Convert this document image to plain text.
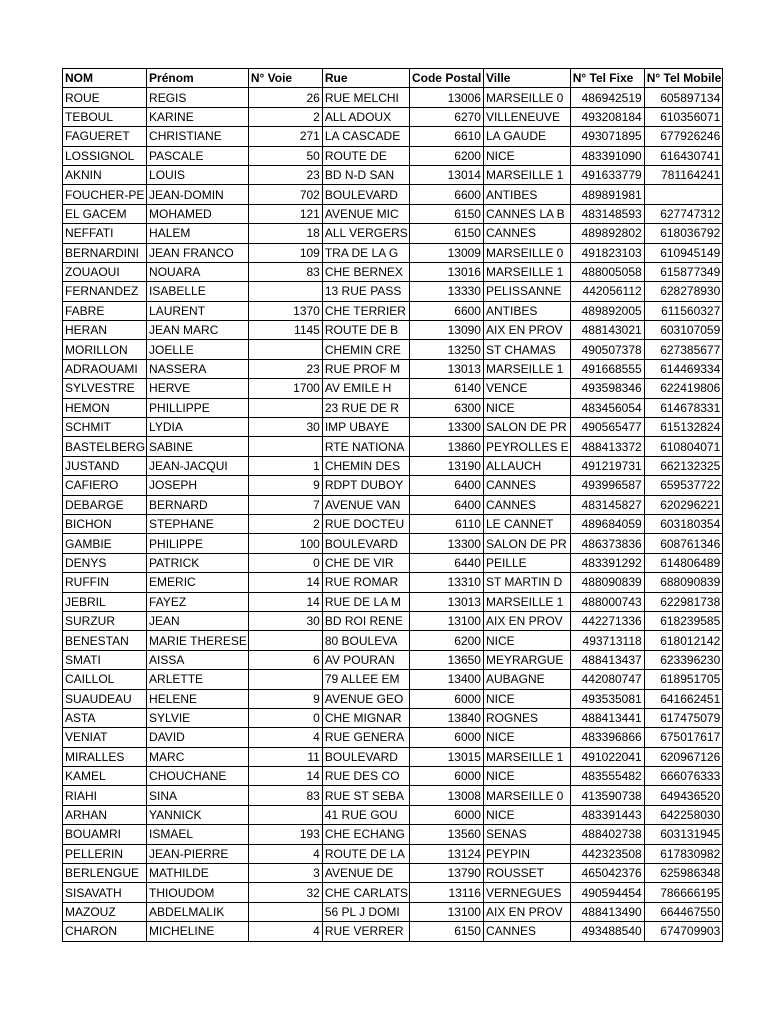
NOM	Prénom	N° Voie	Rue	Code Postal	Ville	N° Tel Fixe	N° Tel Mobile
ROUE	REGIS	26	RUE MELCHI	13006	MARSEILLE 0	486942519	605897134
TEBOUL	KARINE	2	ALL ADOUX	6270	VILLENEUVE	493208184	610356071
FAGUERET	CHRISTIANE	271	LA CASCADE	6610	LA GAUDE	493071895	677926246
LOSSIGNOL	PASCALE	50	ROUTE DE	6200	NICE	483391090	616430741
AKNIN	LOUIS	23	BD N-D SAN	13014	MARSEILLE 1	491633779	781164241
FOUCHER-PE	JEAN-DOMIN	702	BOULEVARD	6600	ANTIBES	489891981	
EL GACEM	MOHAMED	121	AVENUE MIC	6150	CANNES LA B	483148593	627747312
NEFFATI	HALEM	18	ALL VERGERS	6150	CANNES	489892802	618036792
BERNARDINI	JEAN FRANCO	109	TRA DE LA G	13009	MARSEILLE 0	491823103	610945149
ZOUAOUI	NOUARA	83	CHE BERNEX	13016	MARSEILLE 1	488005058	615877349
FERNANDEZ	ISABELLE		13 RUE PASS	13330	PELISSANNE	442056112	628278930
FABRE	LAURENT	1370	CHE TERRIER	6600	ANTIBES	489892005	611560327
HERAN	JEAN MARC	1145	ROUTE DE B	13090	AIX EN PROV	488143021	603107059
MORILLON	JOELLE		CHEMIN CRE	13250	ST CHAMAS	490507378	627385677
ADRAOUAMI	NASSERA	23	RUE PROF M	13013	MARSEILLE 1	491668555	614469334
SYLVESTRE	HERVE	1700	AV EMILE H	6140	VENCE	493598346	622419806
HEMON	PHILLIPPE		23 RUE DE R	6300	NICE	483456054	614678331
SCHMIT	LYDIA	30	IMP UBAYE	13300	SALON DE PR	490565477	615132824
BASTELBERG	SABINE		RTE NATIONA	13860	PEYROLLES E	488413372	610804071
JUSTAND	JEAN-JACQUI	1	CHEMIN DES	13190	ALLAUCH	491219731	662132325
CAFIERO	JOSEPH	9	RDPT DUBOY	6400	CANNES	493996587	659537722
DEBARGE	BERNARD	7	AVENUE VAN	6400	CANNES	483145827	620296221
BICHON	STEPHANE	2	RUE DOCTEU	6110	LE CANNET	489684059	603180354
GAMBIE	PHILIPPE	100	BOULEVARD	13300	SALON DE PR	486373836	608761346
DENYS	PATRICK	0	CHE DE VIR	6440	PEILLE	483391292	614806489
RUFFIN	EMERIC	14	RUE ROMAR	13310	ST MARTIN D	488090839	688090839
JEBRIL	FAYEZ	14	RUE DE LA M	13013	MARSEILLE 1	488000743	622981738
SURZUR	JEAN	30	BD ROI RENE	13100	AIX EN PROV	442271336	618239585
BENESTAN	MARIE THERESE		80 BOULEVA	6200	NICE	493713118	618012142
SMATI	AISSA	6	AV POURAN	13650	MEYRARGUE	488413437	623396230
CAILLOL	ARLETTE		79 ALLEE EM	13400	AUBAGNE	442080747	618951705
SUAUDEAU	HELENE	9	AVENUE GEO	6000	NICE	493535081	641662451
ASTA	SYLVIE	0	CHE MIGNAR	13840	ROGNES	488413441	617475079
VENIAT	DAVID	4	RUE GENERA	6000	NICE	483396866	675017617
MIRALLES	MARC	11	BOULEVARD	13015	MARSEILLE 1	491022041	620967126
KAMEL	CHOUCHANE	14	RUE DES CO	6000	NICE	483555482	666076333
RIAHI	SINA	83	RUE ST SEBA	13008	MARSEILLE 0	413590738	649436520
ARHAN	YANNICK		41 RUE GOU	6000	NICE	483391443	642258030
BOUAMRI	ISMAEL	193	CHE ECHANG	13560	SENAS	488402738	603131945
PELLERIN	JEAN-PIERRE	4	ROUTE DE LA	13124	PEYPIN	442323508	617830982
BERLENGUE	MATHILDE	3	AVENUE DE	13790	ROUSSET	465042376	625986348
SISAVATH	THIOUDOM	32	CHE CARLATS	13116	VERNEGUES	490594454	786666195
MAZOUZ	ABDELMALIK		56 PL J DOMI	13100	AIX EN PROV	488413490	664467550
CHARON	MICHELINE	4	RUE VERRER	6150	CANNES	493488540	674709903
